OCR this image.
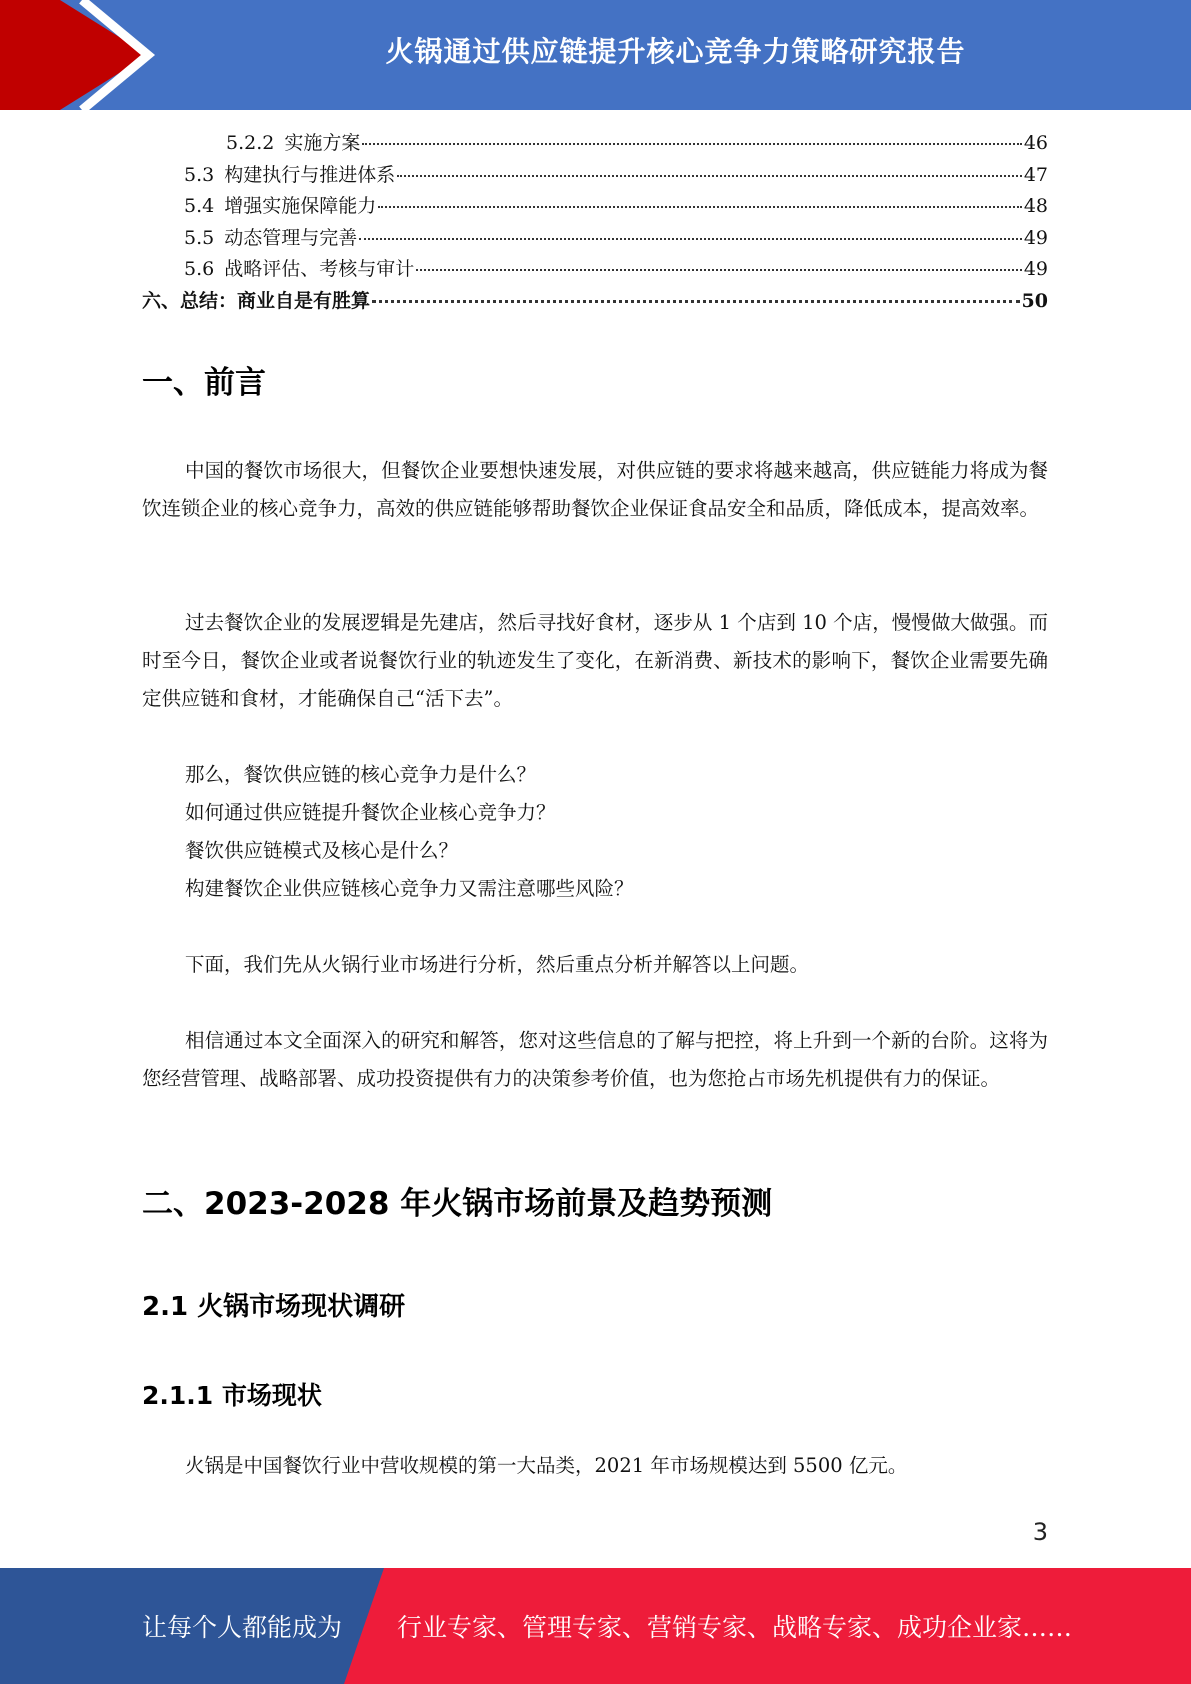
火锅通过供应链提升核心竞争力策略研究报告
5.2.2 实施方案	46
5.3 构建执行与推进体系	47
5.4 增强实施保障能力	48
5.5 动态管理与完善	49
5.6 战略评估、考核与审计	49
六、总结：商业自是有胜算	50
一、前言

中国的餐饮市场很大，但餐饮企业要想快速发展，对供应链的要求将越来越高，供应链能力将成为餐饮连锁企业的核心竞争力，高效的供应链能够帮助餐饮企业保证食品安全和品质，降低成本，提高效率。

过去餐饮企业的发展逻辑是先建店，然后寻找好食材，逐步从 1 个店到 10 个店，慢慢做大做强。而时至今日，餐饮企业或者说餐饮行业的轨迹发生了变化，在新消费、新技术的影响下，餐饮企业需要先确定供应链和食材，才能确保自己“活下去”。

那么，餐饮供应链的核心竞争力是什么？
如何通过供应链提升餐饮企业核心竞争力？
餐饮供应链模式及核心是什么？
构建餐饮企业供应链核心竞争力又需注意哪些风险？

下面，我们先从火锅行业市场进行分析，然后重点分析并解答以上问题。

相信通过本文全面深入的研究和解答，您对这些信息的了解与把控，将上升到一个新的台阶。这将为您经营管理、战略部署、成功投资提供有力的决策参考价值，也为您抢占市场先机提供有力的保证。

二、2023-2028 年火锅市场前景及趋势预测
2.1 火锅市场现状调研
2.1.1 市场现状

火锅是中国餐饮行业中营收规模的第一大品类，2021 年市场规模达到 5500 亿元。

3
让每个人都能成为 行业专家、管理专家、营销专家、战略专家、成功企业家……
